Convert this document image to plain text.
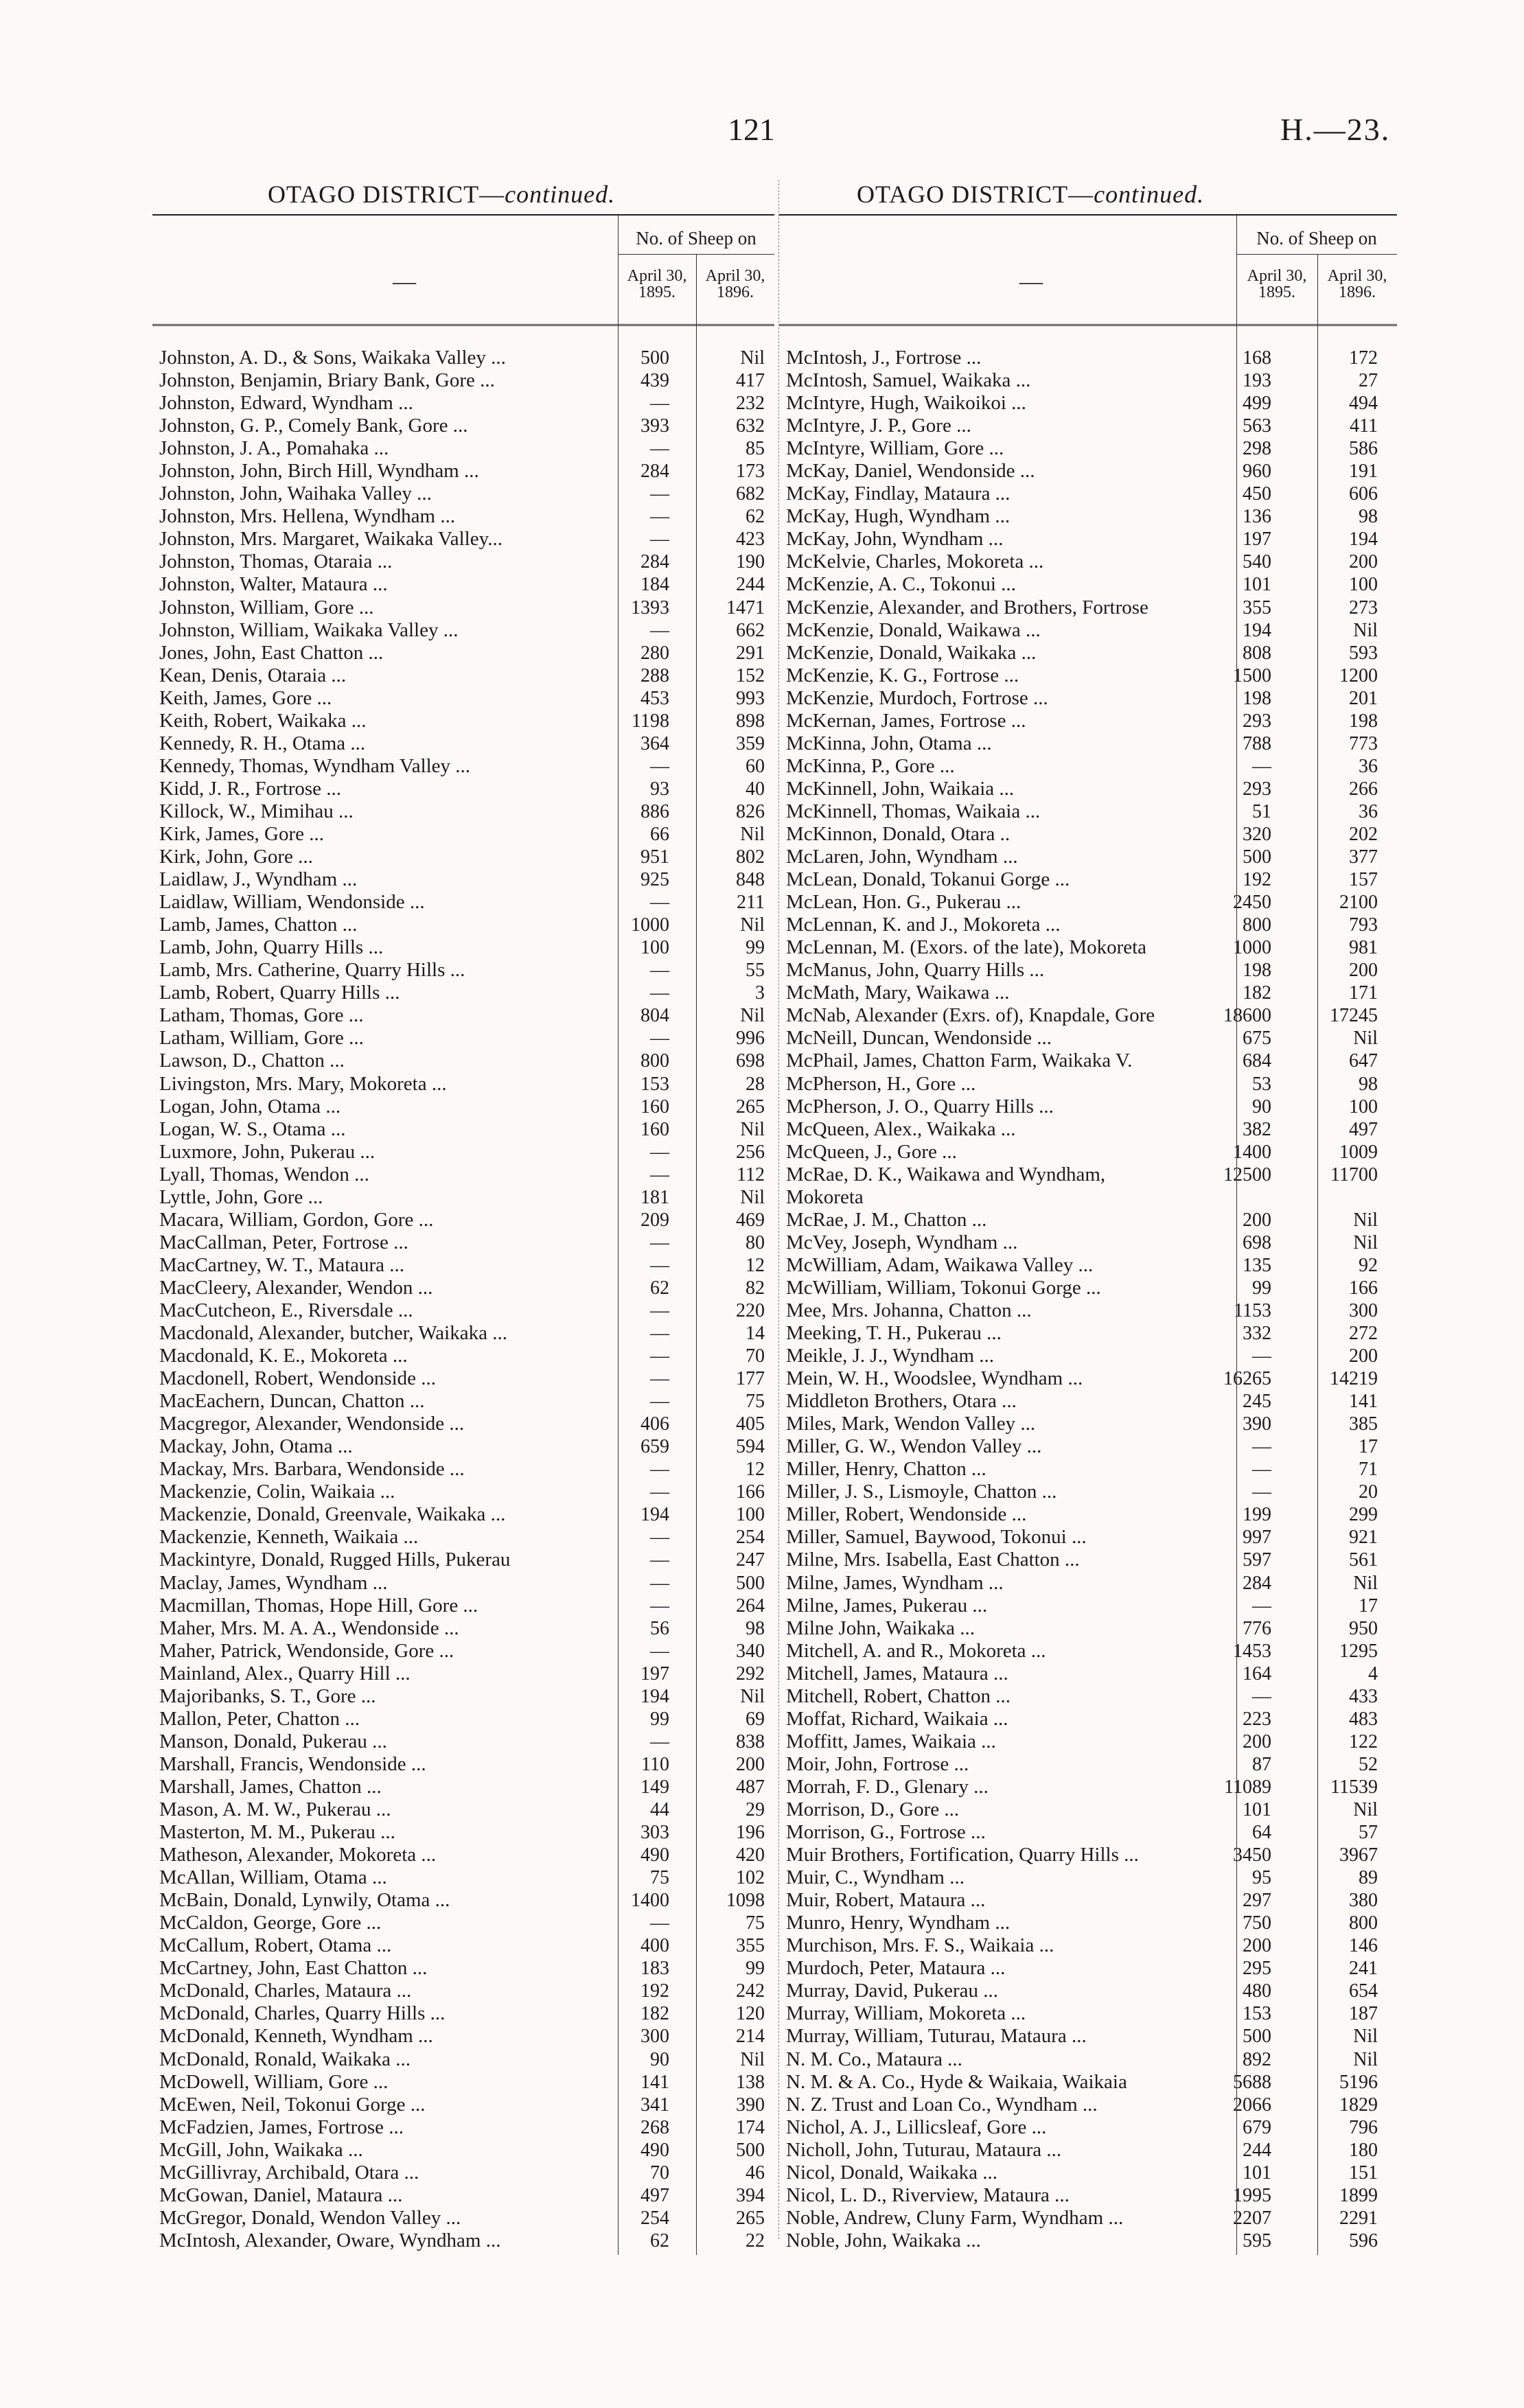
121	H.—23.
OTAGO DISTRICT—continued.	OTAGO DISTRICT—continued.
—
No. of Sheep on
April 30,
1895.
April 30,
1896.
Johnston, A. D., & Sons, Waikaka Valley ...	500	Nil
Johnston, Benjamin, Briary Bank, Gore ...	439	417
Johnston, Edward, Wyndham ...	—	232
Johnston, G. P., Comely Bank, Gore ...	393	632
Johnston, J. A., Pomahaka ...	—	85
Johnston, John, Birch Hill, Wyndham ...	284	173
Johnston, John, Waihaka Valley ...	—	682
Johnston, Mrs. Hellena, Wyndham ...	—	62
Johnston, Mrs. Margaret, Waikaka Valley...	—	423
Johnston, Thomas, Otaraia ...	284	190
Johnston, Walter, Mataura ...	184	244
Johnston, William, Gore ...	1393	1471
Johnston, William, Waikaka Valley ...	—	662
Jones, John, East Chatton ...	280	291
Kean, Denis, Otaraia ...	288	152
Keith, James, Gore ...	453	993
Keith, Robert, Waikaka ...	1198	898
Kennedy, R. H., Otama ...	364	359
Kennedy, Thomas, Wyndham Valley ...	—	60
Kidd, J. R., Fortrose ...	93	40
Killock, W., Mimihau ...	886	826
Kirk, James, Gore ...	66	Nil
Kirk, John, Gore ...	951	802
Laidlaw, J., Wyndham ...	925	848
Laidlaw, William, Wendonside ...	—	211
Lamb, James, Chatton ...	1000	Nil
Lamb, John, Quarry Hills ...	100	99
Lamb, Mrs. Catherine, Quarry Hills ...	—	55
Lamb, Robert, Quarry Hills ...	—	3
Latham, Thomas, Gore ...	804	Nil
Latham, William, Gore ...	—	996
Lawson, D., Chatton ...	800	698
Livingston, Mrs. Mary, Mokoreta ...	153	28
Logan, John, Otama ...	160	265
Logan, W. S., Otama ...	160	Nil
Luxmore, John, Pukerau ...	—	256
Lyall, Thomas, Wendon ...	—	112
Lyttle, John, Gore ...	181	Nil
Macara, William, Gordon, Gore ...	209	469
MacCallman, Peter, Fortrose ...	—	80
MacCartney, W. T., Mataura ...	—	12
MacCleery, Alexander, Wendon ...	62	82
MacCutcheon, E., Riversdale ...	—	220
Macdonald, Alexander, butcher, Waikaka ...	—	14
Macdonald, K. E., Mokoreta ...	—	70
Macdonell, Robert, Wendonside ...	—	177
MacEachern, Duncan, Chatton ...	—	75
Macgregor, Alexander, Wendonside ...	406	405
Mackay, John, Otama ...	659	594
Mackay, Mrs. Barbara, Wendonside ...	—	12
Mackenzie, Colin, Waikaia ...	—	166
Mackenzie, Donald, Greenvale, Waikaka ...	194	100
Mackenzie, Kenneth, Waikaia ...	—	254
Mackintyre, Donald, Rugged Hills, Pukerau	—	247
Maclay, James, Wyndham ...	—	500
Macmillan, Thomas, Hope Hill, Gore ...	—	264
Maher, Mrs. M. A. A., Wendonside ...	56	98
Maher, Patrick, Wendonside, Gore ...	—	340
Mainland, Alex., Quarry Hill ...	197	292
Majoribanks, S. T., Gore ...	194	Nil
Mallon, Peter, Chatton ...	99	69
Manson, Donald, Pukerau ...	—	838
Marshall, Francis, Wendonside ...	110	200
Marshall, James, Chatton ...	149	487
Mason, A. M. W., Pukerau ...	44	29
Masterton, M. M., Pukerau ...	303	196
Matheson, Alexander, Mokoreta ...	490	420
McAllan, William, Otama ...	75	102
McBain, Donald, Lynwily, Otama ...	1400	1098
McCaldon, George, Gore ...	—	75
McCallum, Robert, Otama ...	400	355
McCartney, John, East Chatton ...	183	99
McDonald, Charles, Mataura ...	192	242
McDonald, Charles, Quarry Hills ...	182	120
McDonald, Kenneth, Wyndham ...	300	214
McDonald, Ronald, Waikaka ...	90	Nil
McDowell, William, Gore ...	141	138
McEwen, Neil, Tokonui Gorge ...	341	390
McFadzien, James, Fortrose ...	268	174
McGill, John, Waikaka ...	490	500
McGillivray, Archibald, Otara ...	70	46
McGowan, Daniel, Mataura ...	497	394
McGregor, Donald, Wendon Valley ...	254	265
McIntosh, Alexander, Oware, Wyndham ...	62	22
—
No. of Sheep on
April 30,
1895.
April 30,
1896.
McIntosh, J., Fortrose ...	168	172
McIntosh, Samuel, Waikaka ...	193	27
McIntyre, Hugh, Waikoikoi ...	499	494
McIntyre, J. P., Gore ...	563	411
McIntyre, William, Gore ...	298	586
McKay, Daniel, Wendonside ...	960	191
McKay, Findlay, Mataura ...	450	606
McKay, Hugh, Wyndham ...	136	98
McKay, John, Wyndham ...	197	194
McKelvie, Charles, Mokoreta ...	540	200
McKenzie, A. C., Tokonui ...	101	100
McKenzie, Alexander, and Brothers, Fortrose	355	273
McKenzie, Donald, Waikawa ...	194	Nil
McKenzie, Donald, Waikaka ...	808	593
McKenzie, K. G., Fortrose ...	1500	1200
McKenzie, Murdoch, Fortrose ...	198	201
McKernan, James, Fortrose ...	293	198
McKinna, John, Otama ...	788	773
McKinna, P., Gore ...	—	36
McKinnell, John, Waikaia ...	293	266
McKinnell, Thomas, Waikaia ...	51	36
McKinnon, Donald, Otara ..	320	202
McLaren, John, Wyndham ...	500	377
McLean, Donald, Tokanui Gorge ...	192	157
McLean, Hon. G., Pukerau ...	2450	2100
McLennan, K. and J., Mokoreta ...	800	793
McLennan, M. (Exors. of the late), Mokoreta	1000	981
McManus, John, Quarry Hills ...	198	200
McMath, Mary, Waikawa ...	182	171
McNab, Alexander (Exrs. of), Knapdale, Gore	18600	17245
McNeill, Duncan, Wendonside ...	675	Nil
McPhail, James, Chatton Farm, Waikaka V.	684	647
McPherson, H., Gore ...	53	98
McPherson, J. O., Quarry Hills ...	90	100
McQueen, Alex., Waikaka ...	382	497
McQueen, J., Gore ...	1400	1009
McRae, D. K., Waikawa and Wyndham,	12500	11700
Mokoreta
McRae, J. M., Chatton ...	200	Nil
McVey, Joseph, Wyndham ...	698	Nil
McWilliam, Adam, Waikawa Valley ...	135	92
McWilliam, William, Tokonui Gorge ...	99	166
Mee, Mrs. Johanna, Chatton ...	1153	300
Meeking, T. H., Pukerau ...	332	272
Meikle, J. J., Wyndham ...	—	200
Mein, W. H., Woodslee, Wyndham ...	16265	14219
Middleton Brothers, Otara ...	245	141
Miles, Mark, Wendon Valley ...	390	385
Miller, G. W., Wendon Valley ...	—	17
Miller, Henry, Chatton ...	—	71
Miller, J. S., Lismoyle, Chatton ...	—	20
Miller, Robert, Wendonside ...	199	299
Miller, Samuel, Baywood, Tokonui ...	997	921
Milne, Mrs. Isabella, East Chatton ...	597	561
Milne, James, Wyndham ...	284	Nil
Milne, James, Pukerau ...	—	17
Milne John, Waikaka ...	776	950
Mitchell, A. and R., Mokoreta ...	1453	1295
Mitchell, James, Mataura ...	164	4
Mitchell, Robert, Chatton ...	—	433
Moffat, Richard, Waikaia ...	223	483
Moffitt, James, Waikaia ...	200	122
Moir, John, Fortrose ...	87	52
Morrah, F. D., Glenary ...	11089	11539
Morrison, D., Gore ...	101	Nil
Morrison, G., Fortrose ...	64	57
Muir Brothers, Fortification, Quarry Hills ...	3450	3967
Muir, C., Wyndham ...	95	89
Muir, Robert, Mataura ...	297	380
Munro, Henry, Wyndham ...	750	800
Murchison, Mrs. F. S., Waikaia ...	200	146
Murdoch, Peter, Mataura ...	295	241
Murray, David, Pukerau ...	480	654
Murray, William, Mokoreta ...	153	187
Murray, William, Tuturau, Mataura ...	500	Nil
N. M. Co., Mataura ...	892	Nil
N. M. & A. Co., Hyde & Waikaia, Waikaia	5688	5196
N. Z. Trust and Loan Co., Wyndham ...	2066	1829
Nichol, A. J., Lillicsleaf, Gore ...	679	796
Nicholl, John, Tuturau, Mataura ...	244	180
Nicol, Donald, Waikaka ...	101	151
Nicol, L. D., Riverview, Mataura ...	1995	1899
Noble, Andrew, Cluny Farm, Wyndham ...	2207	2291
Noble, John, Waikaka ...	595	596
